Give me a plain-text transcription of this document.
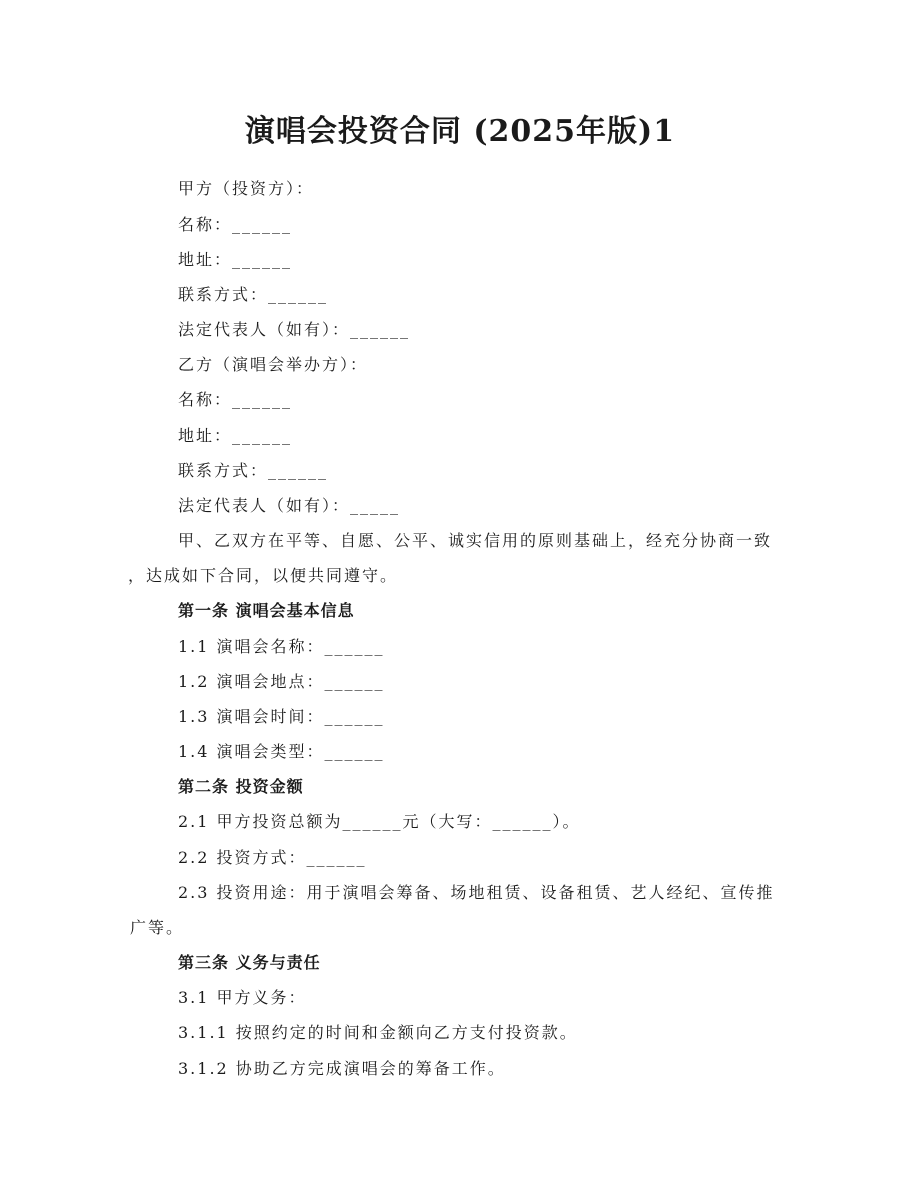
演唱会投资合同 (2025年版)1
甲方（投资方）：
名称：______
地址：______
联系方式：______
法定代表人（如有）：______
乙方（演唱会举办方）：
名称：______
地址：______
联系方式：______
法定代表人（如有）：_____
甲、乙双方在平等、自愿、公平、诚实信用的原则基础上，经充分协商一致
，达成如下合同，以便共同遵守。
第一条 演唱会基本信息
1.1 演唱会名称：______
1.2 演唱会地点：______
1.3 演唱会时间：______
1.4 演唱会类型：______
第二条 投资金额
2.1 甲方投资总额为______元（大写：______）。
2.2 投资方式：______
2.3 投资用途：用于演唱会筹备、场地租赁、设备租赁、艺人经纪、宣传推
广等。
第三条 义务与责任
3.1 甲方义务：
3.1.1 按照约定的时间和金额向乙方支付投资款。
3.1.2 协助乙方完成演唱会的筹备工作。
